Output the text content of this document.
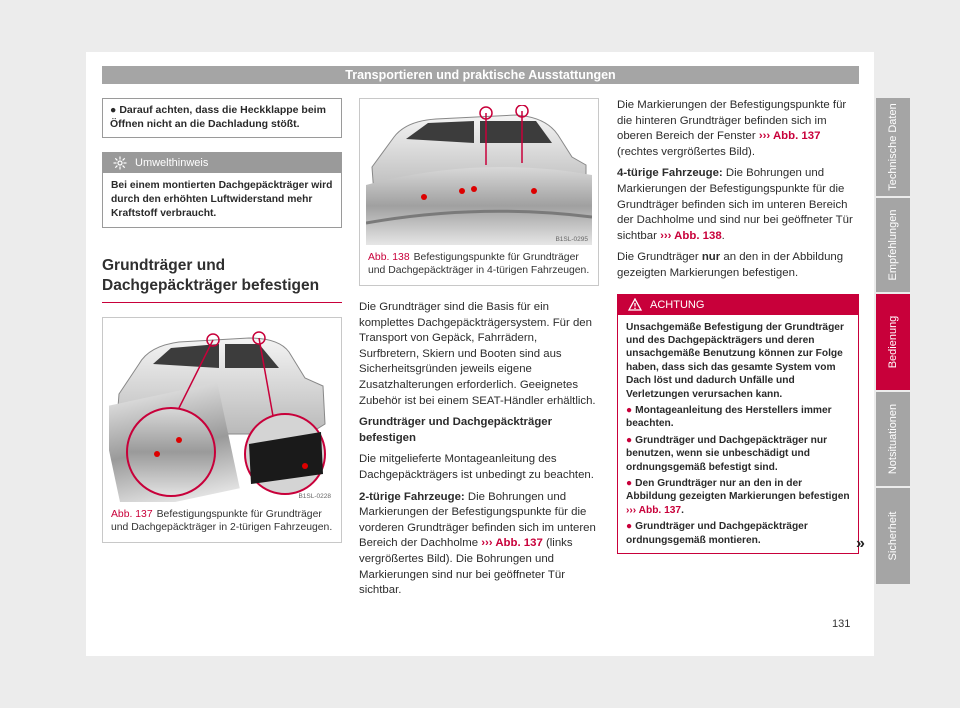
Transportieren und praktische Ausstattungen
● Darauf achten, dass die Heckklappe beim Öffnen nicht an die Dachladung stößt.
Umwelthinweis
Bei einem montierten Dachgepäckträger wird durch den erhöhten Luftwiderstand mehr Kraftstoff verbraucht.
Grundträger und Dachgepäckträger befestigen
B1SL-0228
Abb. 137 Befestigungspunkte für Grundträger und Dachgepäckträger in 2-türigen Fahrzeugen.
B1SL-0295
Abb. 138 Befestigungspunkte für Grundträger und Dachgepäckträger in 4-türigen Fahrzeugen.

Die Grundträger sind die Basis für ein komplettes Dachgepäckträgersystem. Für den Transport von Gepäck, Fahrrädern, Surfbretern, Skiern und Booten sind aus Sicherheitsgründen jeweils eigene Zusatzhalterungen erforderlich. Geeignetes Zubehör ist bei einem SEAT-Händler erhältlich.

Grundträger und Dachgepäckträger befestigen

Die mitgelieferte Montageanleitung des Dachgepäckträgers ist unbedingt zu beachten.

2-türige Fahrzeuge: Die Bohrungen und Markierungen der Befestigungspunkte für die vorderen Grundträger befinden sich im unteren Bereich der Dachholme ››› Abb. 137 (links vergrößertes Bild). Die Bohrungen und Markierungen sind nur bei geöffneter Tür sichtbar.

Die Markierungen der Befestigungspunkte für die hinteren Grundträger befinden sich im oberen Bereich der Fenster ››› Abb. 137 (rechtes vergrößertes Bild).

4-türige Fahrzeuge: Die Bohrungen und Markierungen der Befestigungspunkte für die Grundträger befinden sich im unteren Bereich der Dachholme und sind nur bei geöffneter Tür sichtbar ››› Abb. 138.

Die Grundträger nur an den in der Abbildung gezeigten Markierungen befestigen.

ACHTUNG
Unsachgemäße Befestigung der Grundträger und des Dachgepäckträgers und deren unsachgemäße Benutzung können zur Folge haben, dass sich das gesamte System vom Dach löst und dadurch Unfälle und Verletzungen verursachen kann.
● Montageanleitung des Herstellers immer beachten.
● Grundträger und Dachgepäckträger nur benutzen, wenn sie unbeschädigt und ordnungsgemäß befestigt sind.
● Den Grundträger nur an den in der Abbildung gezeigten Markierungen befestigen ››› Abb. 137.
● Grundträger und Dachgepäckträger ordnungsgemäß montieren.	»
Technische Daten
Empfehlungen
Bedienung
Notsituationen
Sicherheit
131
